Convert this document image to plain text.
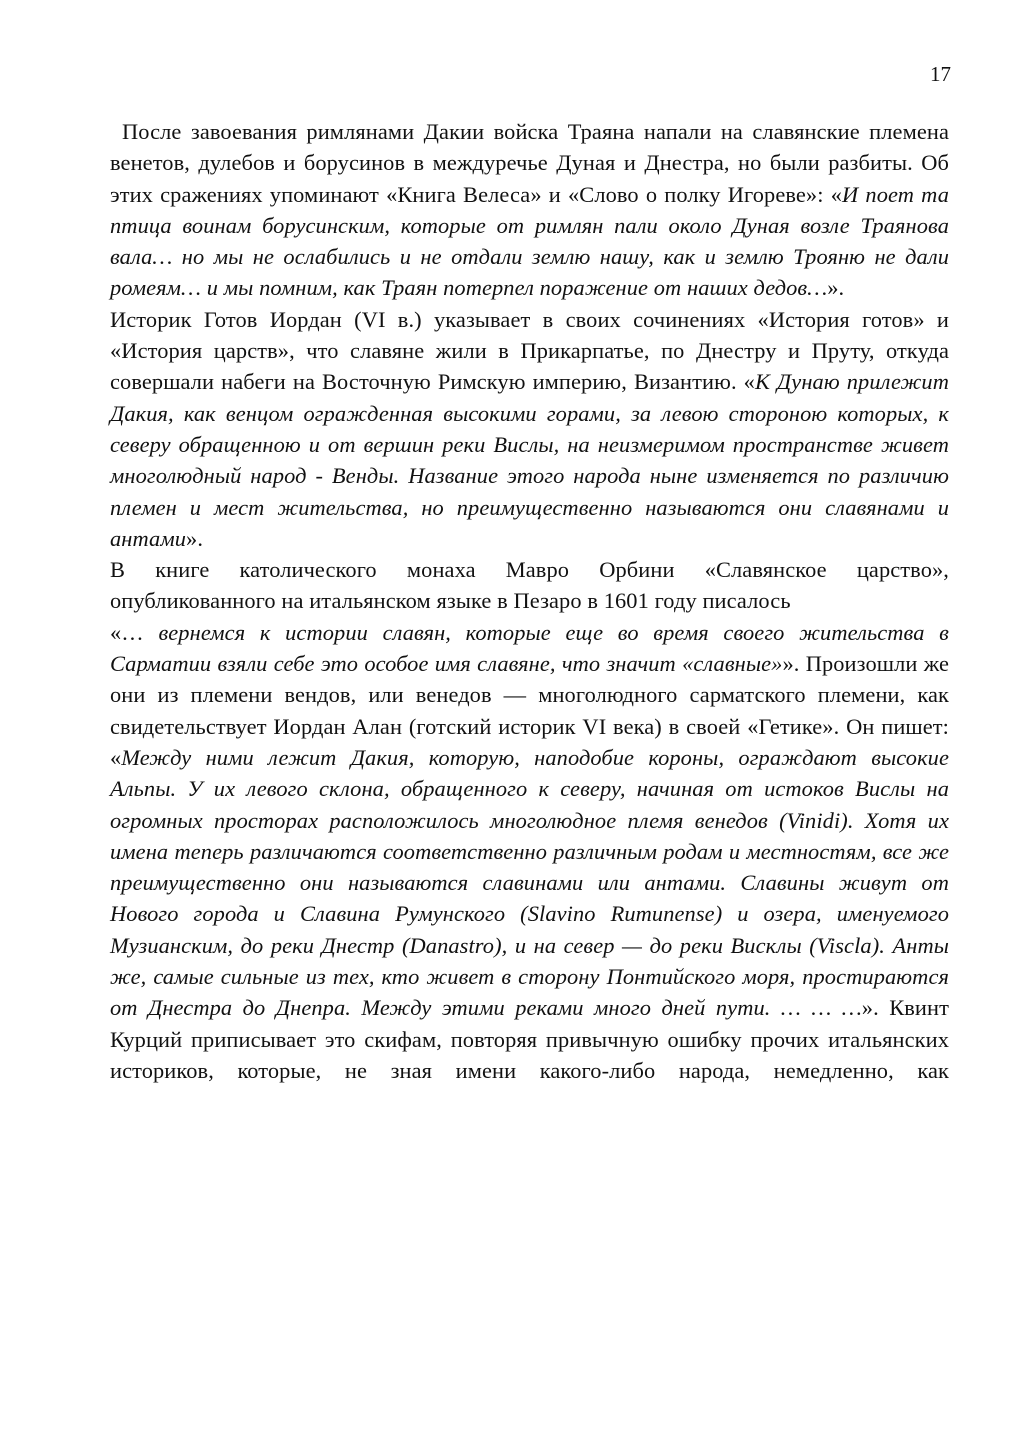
17

После завоевания римлянами Дакии войска Траяна напали на славянские племена венетов, дулебов и борусинов в междуречье Дуная и Днестра, но были разбиты. Об этих сражениях упоминают «Книга Велеса» и «Слово о полку Игореве»: «И поет та птица воинам борусинским, которые от римлян пали около Дуная возле Траянова вала… но мы не ослабились и не отдали землю нашу, как и землю Трояню не дали ромеям… и мы помним, как Траян потерпел поражение от наших дедов…».

Историк Готов Иордан (VI в.) указывает в своих сочинениях «История готов» и «История царств», что славяне жили в Прикарпатье, по Днестру и Пруту, откуда совершали набеги на Восточную Римскую империю, Византию. «К Дунаю прилежит Дакия, как венцом огражденная высокими горами, за левою стороною которых, к северу обращенною и от вершин реки Вислы, на неизмеримом пространстве живет многолюдный народ - Венды. Название этого народа ныне изменяется по различию племен и мест жительства, но преимущественно называются они славянами и антами».

В книге католического монаха Мавро Орбини «Славянское царство», опубликованного на итальянском языке в Пезаро в 1601 году писалось

«… вернемся к истории славян, которые еще во время своего жительства в Сарматии взяли себе это особое имя славяне, что значит «славные»». Произошли же они из племени вендов, или венедов — многолюдного сарматского племени, как свидетельствует Иордан Алан (готский историк VI века) в своей «Гетике». Он пишет: «Между ними лежит Дакия, которую, наподобие короны, ограждают высокие Альпы. У их левого склона, обращенного к северу, начиная от истоков Вислы на огромных просторах расположилось многолюдное племя венедов (Vinidi). Хотя их имена теперь различаются соответственно различным родам и местностям, все же преимущественно они называются славинами или антами. Славины живут от Нового города и Славина Румунского (Slavino Rumunense) и озера, именуемого Музианским, до реки Днестр (Danastro), и на север — до реки Висклы (Viscla). Анты же, самые сильные из тех, кто живет в сторону Понтийского моря, простираются от Днестра до Днепра. Между этими реками много дней пути. … … …». Квинт Курций приписывает это скифам, повторяя привычную ошибку прочих итальянских историков, которые, не зная имени какого-либо народа, немедленно, как
